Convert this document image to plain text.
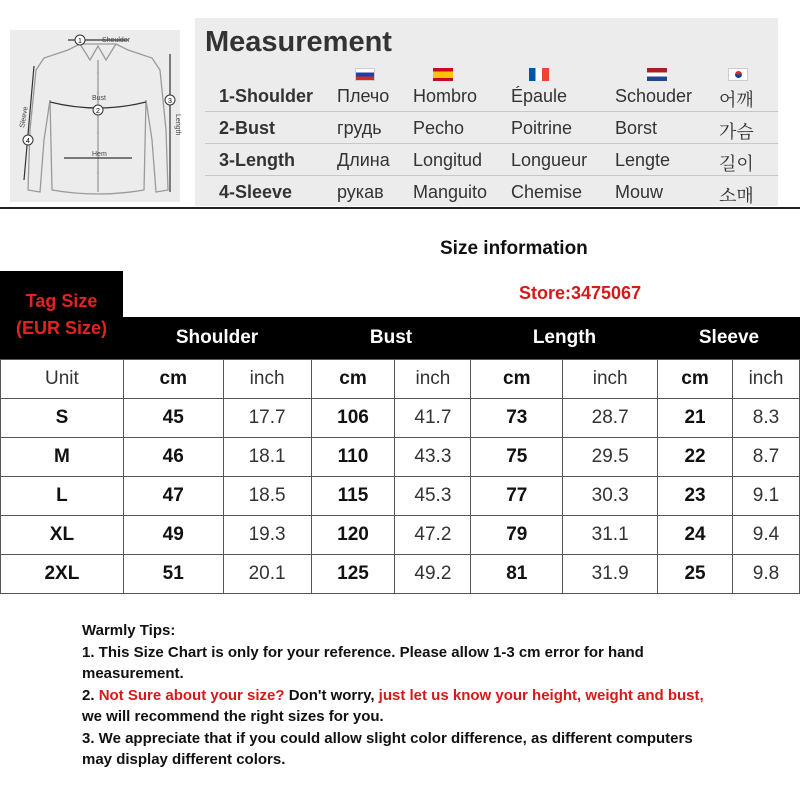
1
2
3
4
Shoulder
Bust
Hem
Length
Sleeve
Measurement
1-Shoulder Плечо Hombro Épaule	Schouder 어깨
2-Bust	грудь Pecho	Poitrine Borst	가슴
3-Length Длина Longitud Longueur Lengte	길이
4-Sleeve рукав Manguito Chemise Mouw	소매
Size information
Tag Size
(EUR Size)
Store:3475067
Shoulder	Bust	Length	Sleeve
Unit	cm	inch	cm	inch	cm	inch	cm	inch
S	45	17.7	106	41.7	73	28.7	21	8.3
M	46	18.1	110	43.3	75	29.5	22	8.7
L	47	18.5	115	45.3	77	30.3	23	9.1
XL	49	19.3	120	47.2	79	31.1	24	9.4
2XL	51	20.1	125	49.2	81	31.9	25	9.8
Warmly Tips:
1. This Size Chart is only for your reference. Please allow 1-3 cm error for hand measurement.
2. Not Sure about your size? Don't worry, just let us know your height, weight and bust, we will recommend the right sizes for you.
3. We appreciate that if you could allow slight color difference, as different computers may display different colors.
